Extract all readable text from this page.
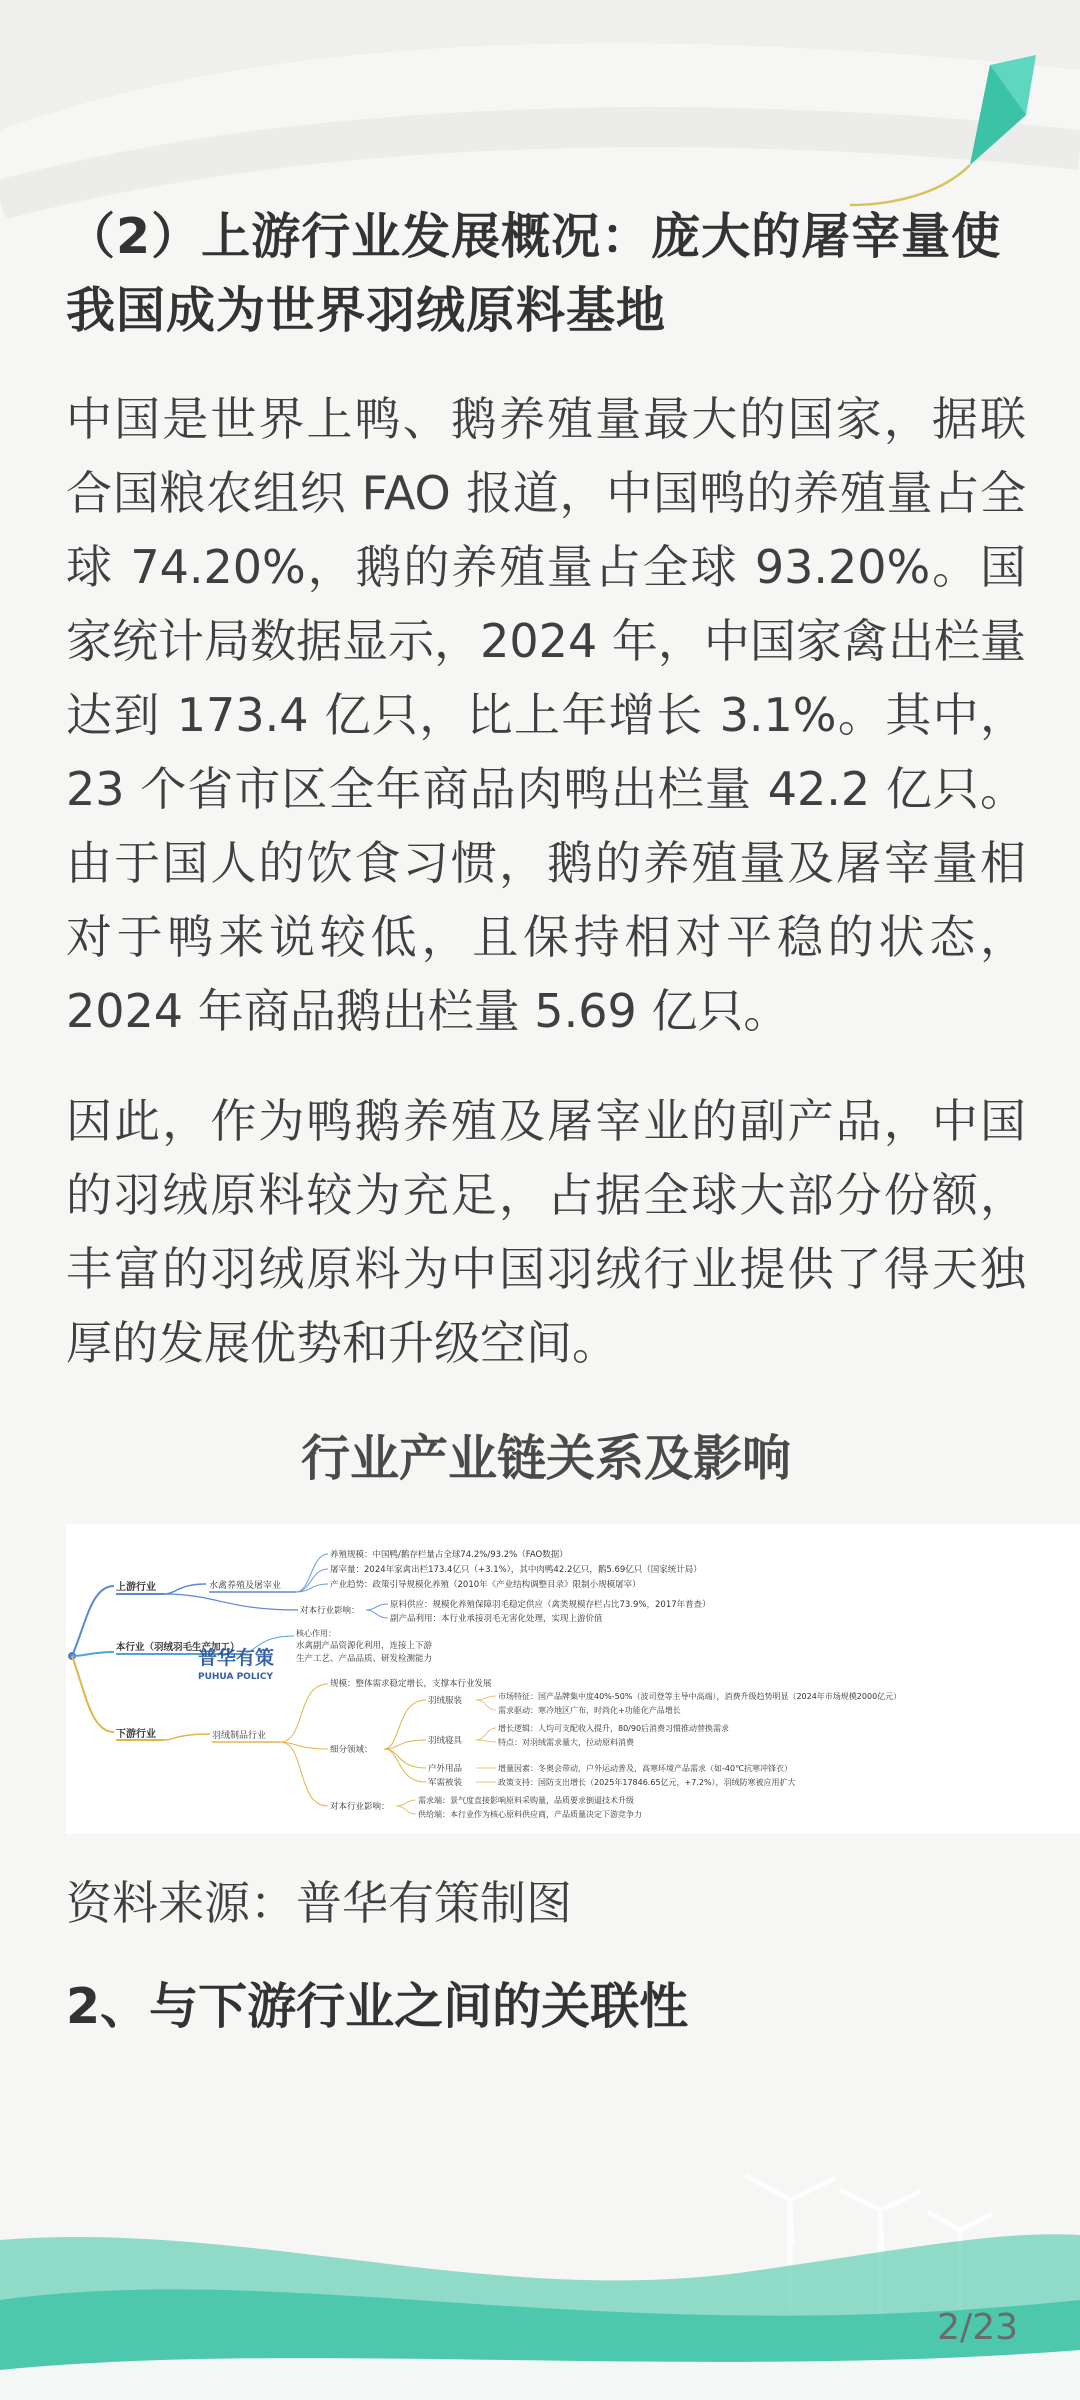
（2）上游行业发展概况：庞大的屠宰量使我国成为世界羽绒原料基地

中国是世界上鸭、鹅养殖量最大的国家，据联合国粮农组织 FAO 报道，中国鸭的养殖量占全球 74.20%，鹅的养殖量占全球 93.20%。国家统计局数据显示，2024 年，中国家禽出栏量达到 173.4 亿只，比上年增长 3.1%。其中，23 个省市区全年商品肉鸭出栏量 42.2 亿只。由于国人的饮食习惯，鹅的养殖量及屠宰量相对于鸭来说较低，且保持相对平稳的状态，2024 年商品鹅出栏量 5.69 亿只。

因此，作为鸭鹅养殖及屠宰业的副产品，中国的羽绒原料较为充足，占据全球大部分份额，丰富的羽绒原料为中国羽绒行业提供了得天独厚的发展优势和升级空间。

行业产业链关系及影响
上游行业	水禽养殖及屠宰业
养殖规模：中国鸭/鹅存栏量占全球74.2%/93.2%（FAO数据）
屠宰量：2024年家禽出栏173.4亿只（+3.1%），其中肉鸭42.2亿只，鹅5.69亿只（国家统计局）
产业趋势：政策引导规模化养殖（2010年《产业结构调整目录》限制小规模屠宰）
对本行业影响：
原料供应：规模化养殖保障羽毛稳定供应（禽类规模存栏占比73.9%，2017年普查）
副产品利用：本行业承接羽毛无害化处理，实现上游价值
本行业（羽绒羽毛生产加工）
核心作用：
水禽副产品资源化利用，连接上下游
生产工艺、产品品质、研发检测能力
普华有策
PUHUA POLICY
下游行业	羽绒制品行业
规模：整体需求稳定增长，支撑本行业发展
细分领域：
对本行业影响：
羽绒服装
羽绒寝具
户外用品
军需被装
市场特征：国产品牌集中度40%-50%（波司登等主导中高端），消费升级趋势明显（2024年市场规模2000亿元）
需求驱动：寒冷地区广布，时尚化+功能化产品增长
增长逻辑：人均可支配收入提升，80/90后消费习惯推动替换需求
特点：对羽绒需求量大，拉动原料消费
增量因素：冬奥会带动，户外运动普及，高寒环境产品需求（如-40℃抗寒冲锋衣）
政策支持：国防支出增长（2025年17846.65亿元，+7.2%），羽绒防寒被应用扩大
需求端：景气度直接影响原料采购量，品质要求倒逼技术升级
供给端：本行业作为核心原料供应商，产品质量决定下游竞争力
资料来源：普华有策制图
2、与下游行业之间的关联性
2/23
